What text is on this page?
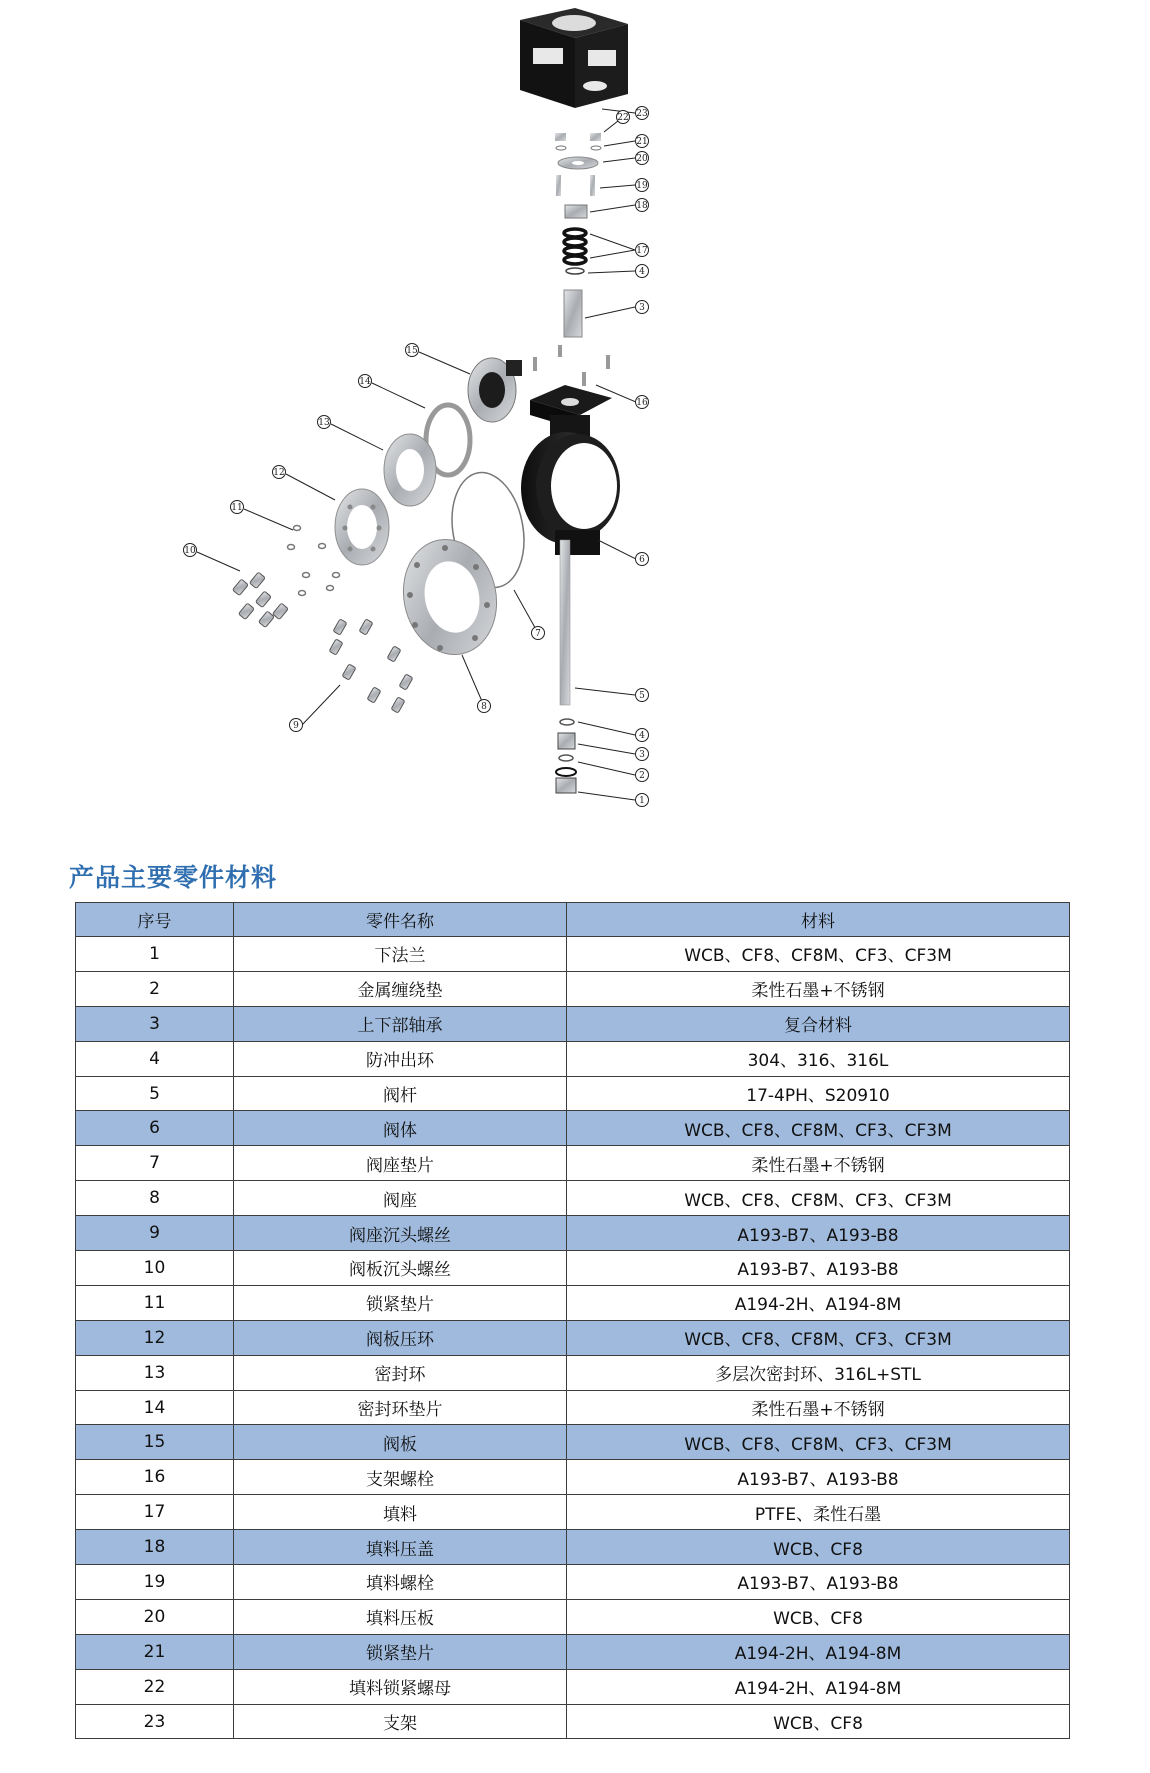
23
22
21
20
19
18
17
4
3
15
14
13
12
11
10
16
6
7
8
9
5
4
3
2
1
产品主要零件材料
序号	零件名称	材料
1	下法兰	WCB、CF8、CF8M、CF3、CF3M
2	金属缠绕垫	柔性石墨+不锈钢
3	上下部轴承	复合材料
4	防冲出环	304、316、316L
5	阀杆	17-4PH、S20910
6	阀体	WCB、CF8、CF8M、CF3、CF3M
7	阀座垫片	柔性石墨+不锈钢
8	阀座	WCB、CF8、CF8M、CF3、CF3M
9	阀座沉头螺丝	A193-B7、A193-B8
10	阀板沉头螺丝	A193-B7、A193-B8
11	锁紧垫片	A194-2H、A194-8M
12	阀板压环	WCB、CF8、CF8M、CF3、CF3M
13	密封环	多层次密封环、316L+STL
14	密封环垫片	柔性石墨+不锈钢
15	阀板	WCB、CF8、CF8M、CF3、CF3M
16	支架螺栓	A193-B7、A193-B8
17	填料	PTFE、柔性石墨
18	填料压盖	WCB、CF8
19	填料螺栓	A193-B7、A193-B8
20	填料压板	WCB、CF8
21	锁紧垫片	A194-2H、A194-8M
22	填料锁紧螺母	A194-2H、A194-8M
23	支架	WCB、CF8
